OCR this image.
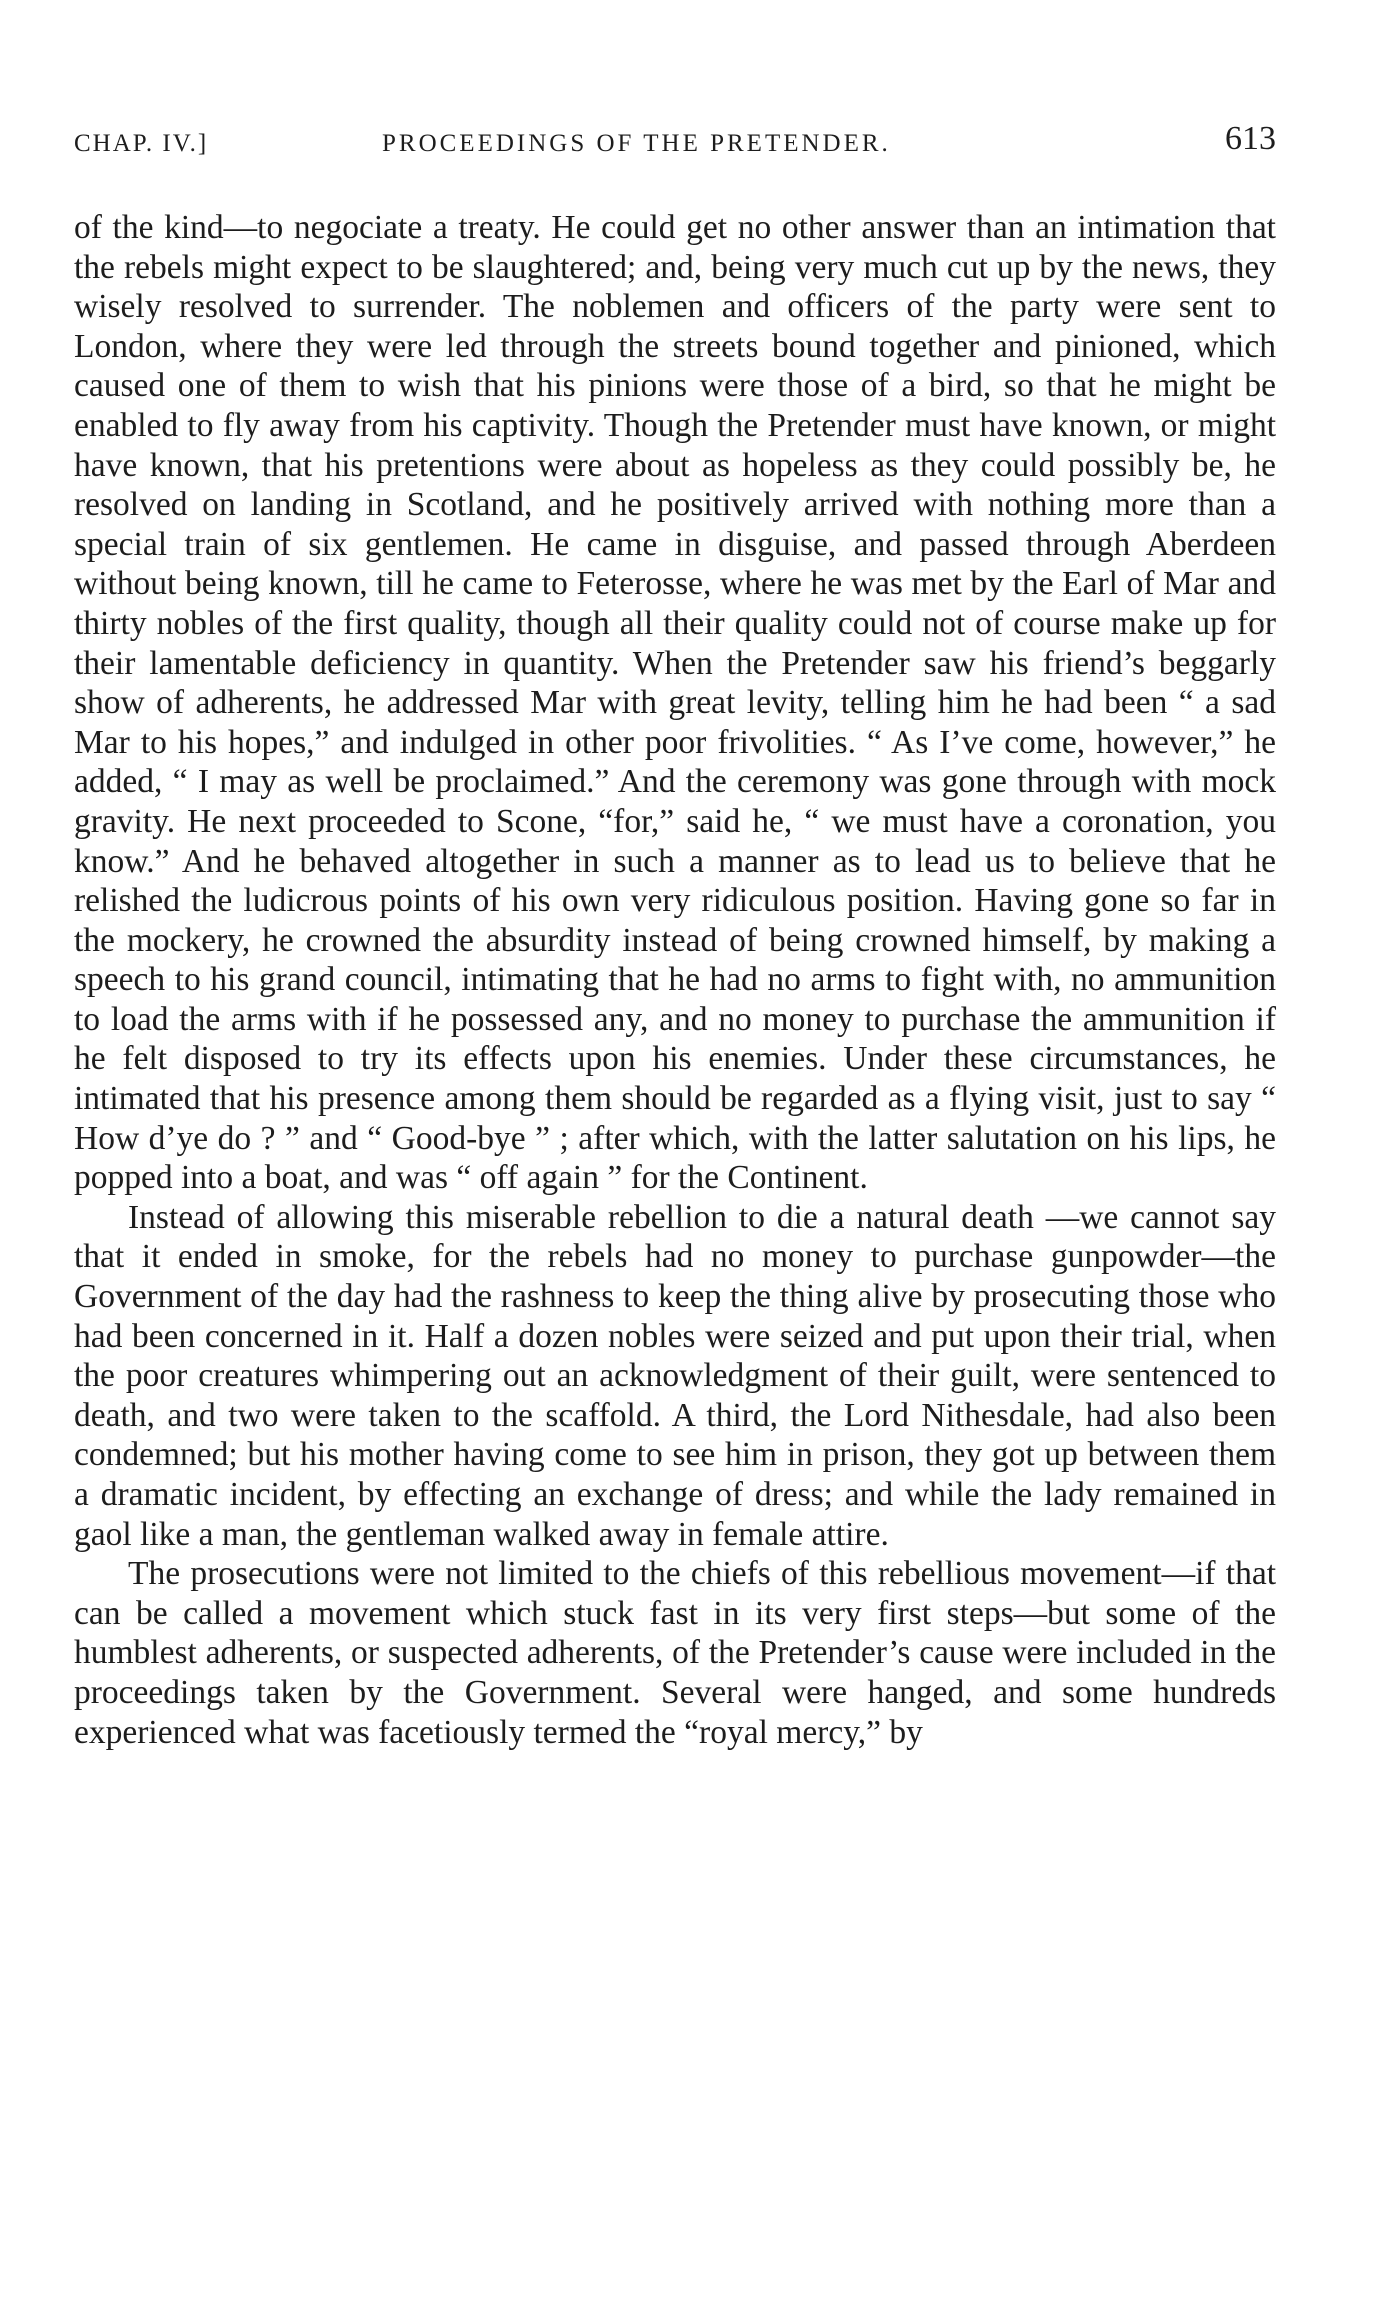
CHAP. IV.]	PROCEEDINGS OF THE PRETENDER.	613

of the kind—to negociate a treaty. He could get no other answer than an intimation that the rebels might expect to be slaughtered; and, being very much cut up by the news, they wisely resolved to surrender. The noblemen and officers of the party were sent to London, where they were led through the streets bound together and pinioned, which caused one of them to wish that his pinions were those of a bird, so that he might be enabled to fly away from his captivity. Though the Pretender must have known, or might have known, that his pretentions were about as hopeless as they could possibly be, he resolved on landing in Scotland, and he positively arrived with nothing more than a special train of six gentlemen. He came in disguise, and passed through Aberdeen without being known, till he came to Feterosse, where he was met by the Earl of Mar and thirty nobles of the first quality, though all their quality could not of course make up for their lamentable deficiency in quantity. When the Pretender saw his friend’s beggarly show of adherents, he addressed Mar with great levity, telling him he had been “ a sad Mar to his hopes,” and indulged in other poor frivolities. “ As I’ve come, however,” he added, “ I may as well be proclaimed.” And the ceremony was gone through with mock gravity. He next proceeded to Scone, “for,” said he, “ we must have a coronation, you know.” And he behaved altogether in such a manner as to lead us to believe that he relished the ludicrous points of his own very ridiculous position. Having gone so far in the mockery, he crowned the absurdity instead of being crowned himself, by making a speech to his grand council, intimating that he had no arms to fight with, no ammunition to load the arms with if he possessed any, and no money to purchase the ammunition if he felt disposed to try its effects upon his enemies. Under these circumstances, he intimated that his presence among them should be regarded as a flying visit, just to say “ How d’ye do ? ” and “ Good-bye ” ; after which, with the latter salutation on his lips, he popped into a boat, and was “ off again ” for the Continent.

Instead of allowing this miserable rebellion to die a natural death —we cannot say that it ended in smoke, for the rebels had no money to purchase gunpowder—the Government of the day had the rashness to keep the thing alive by prosecuting those who had been concerned in it. Half a dozen nobles were seized and put upon their trial, when the poor creatures whimpering out an acknowledgment of their guilt, were sentenced to death, and two were taken to the scaffold. A third, the Lord Nithesdale, had also been condemned; but his mother having come to see him in prison, they got up between them a dramatic incident, by effecting an exchange of dress; and while the lady remained in gaol like a man, the gentleman walked away in female attire.

The prosecutions were not limited to the chiefs of this rebellious movement—if that can be called a movement which stuck fast in its very first steps—but some of the humblest adherents, or suspected adherents, of the Pretender’s cause were included in the proceedings taken by the Government. Several were hanged, and some hundreds experienced what was facetiously termed the “royal mercy,” by
